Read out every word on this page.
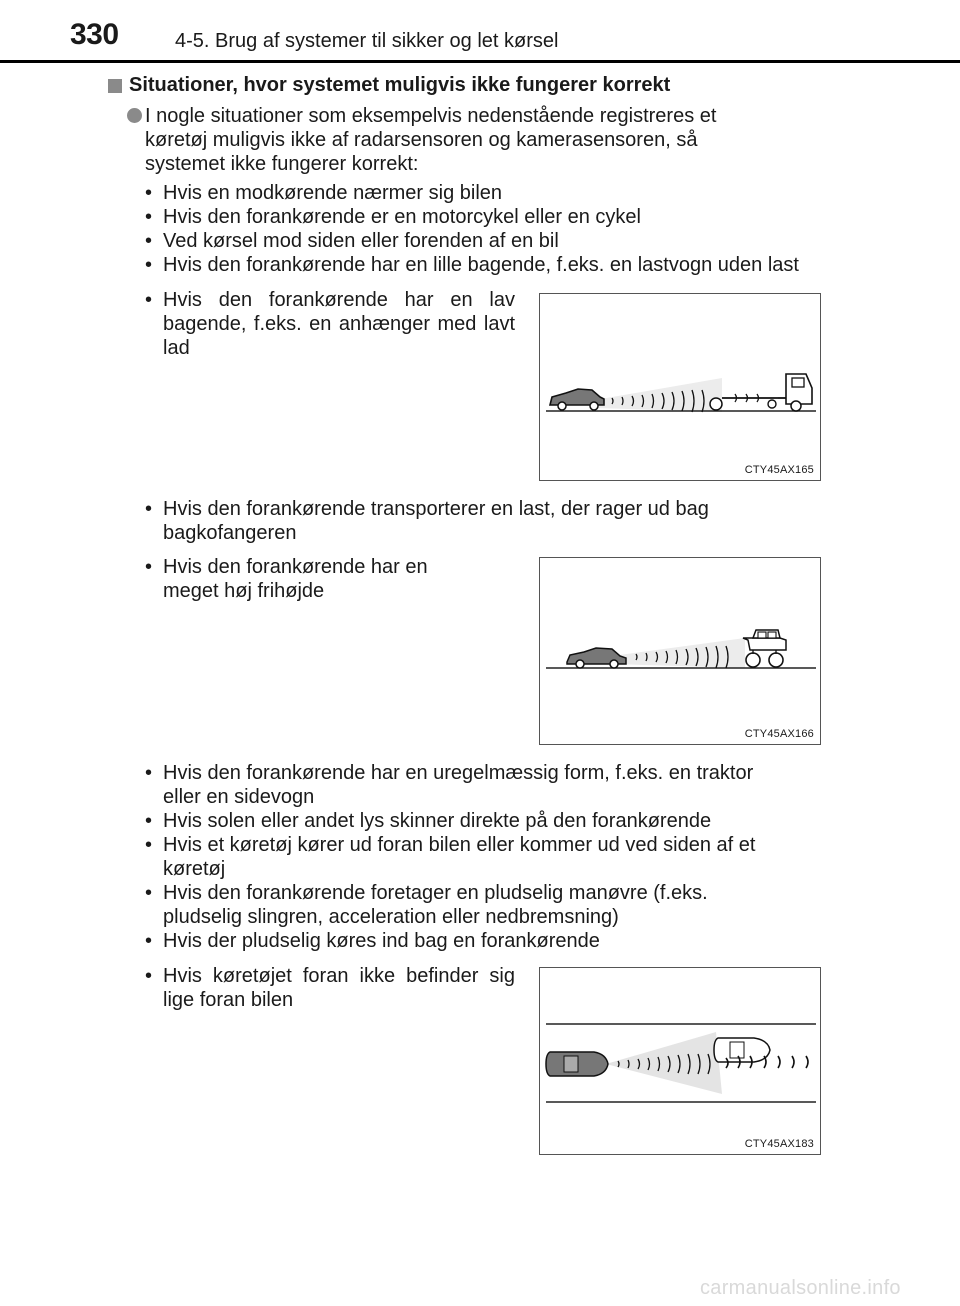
330	4-5. Brug af systemer til sikker og let kørsel
Situationer, hvor systemet muligvis ikke fungerer korrekt

I nogle situationer som eksempelvis nedenstående registreres et køretøj muligvis ikke af radarsensoren og kamerasensoren, så systemet ikke fungerer korrekt:

• Hvis en modkørende nærmer sig bilen
• Hvis den forankørende er en motorcykel eller en cykel
• Ved kørsel mod siden eller forenden af en bil
• Hvis den forankørende har en lille bagende, f.eks. en lastvogn uden last
• Hvis den forankørende har en lav bagende, f.eks. en anhænger med lavt lad
CTY45AX165
• Hvis den forankørende transporterer en last, der rager ud bag bagkofangeren
• Hvis den forankørende har en meget høj frihøjde
CTY45AX166
• Hvis den forankørende har en uregelmæssig form, f.eks. en traktor eller en sidevogn
• Hvis solen eller andet lys skinner direkte på den forankørende
• Hvis et køretøj kører ud foran bilen eller kommer ud ved siden af et køretøj
• Hvis den forankørende foretager en pludselig manøvre (f.eks. pludselig slingren, acceleration eller nedbremsning)
• Hvis der pludselig køres ind bag en forankørende
• Hvis køretøjet foran ikke befinder sig lige foran bilen
CTY45AX183
carmanualsonline.info
